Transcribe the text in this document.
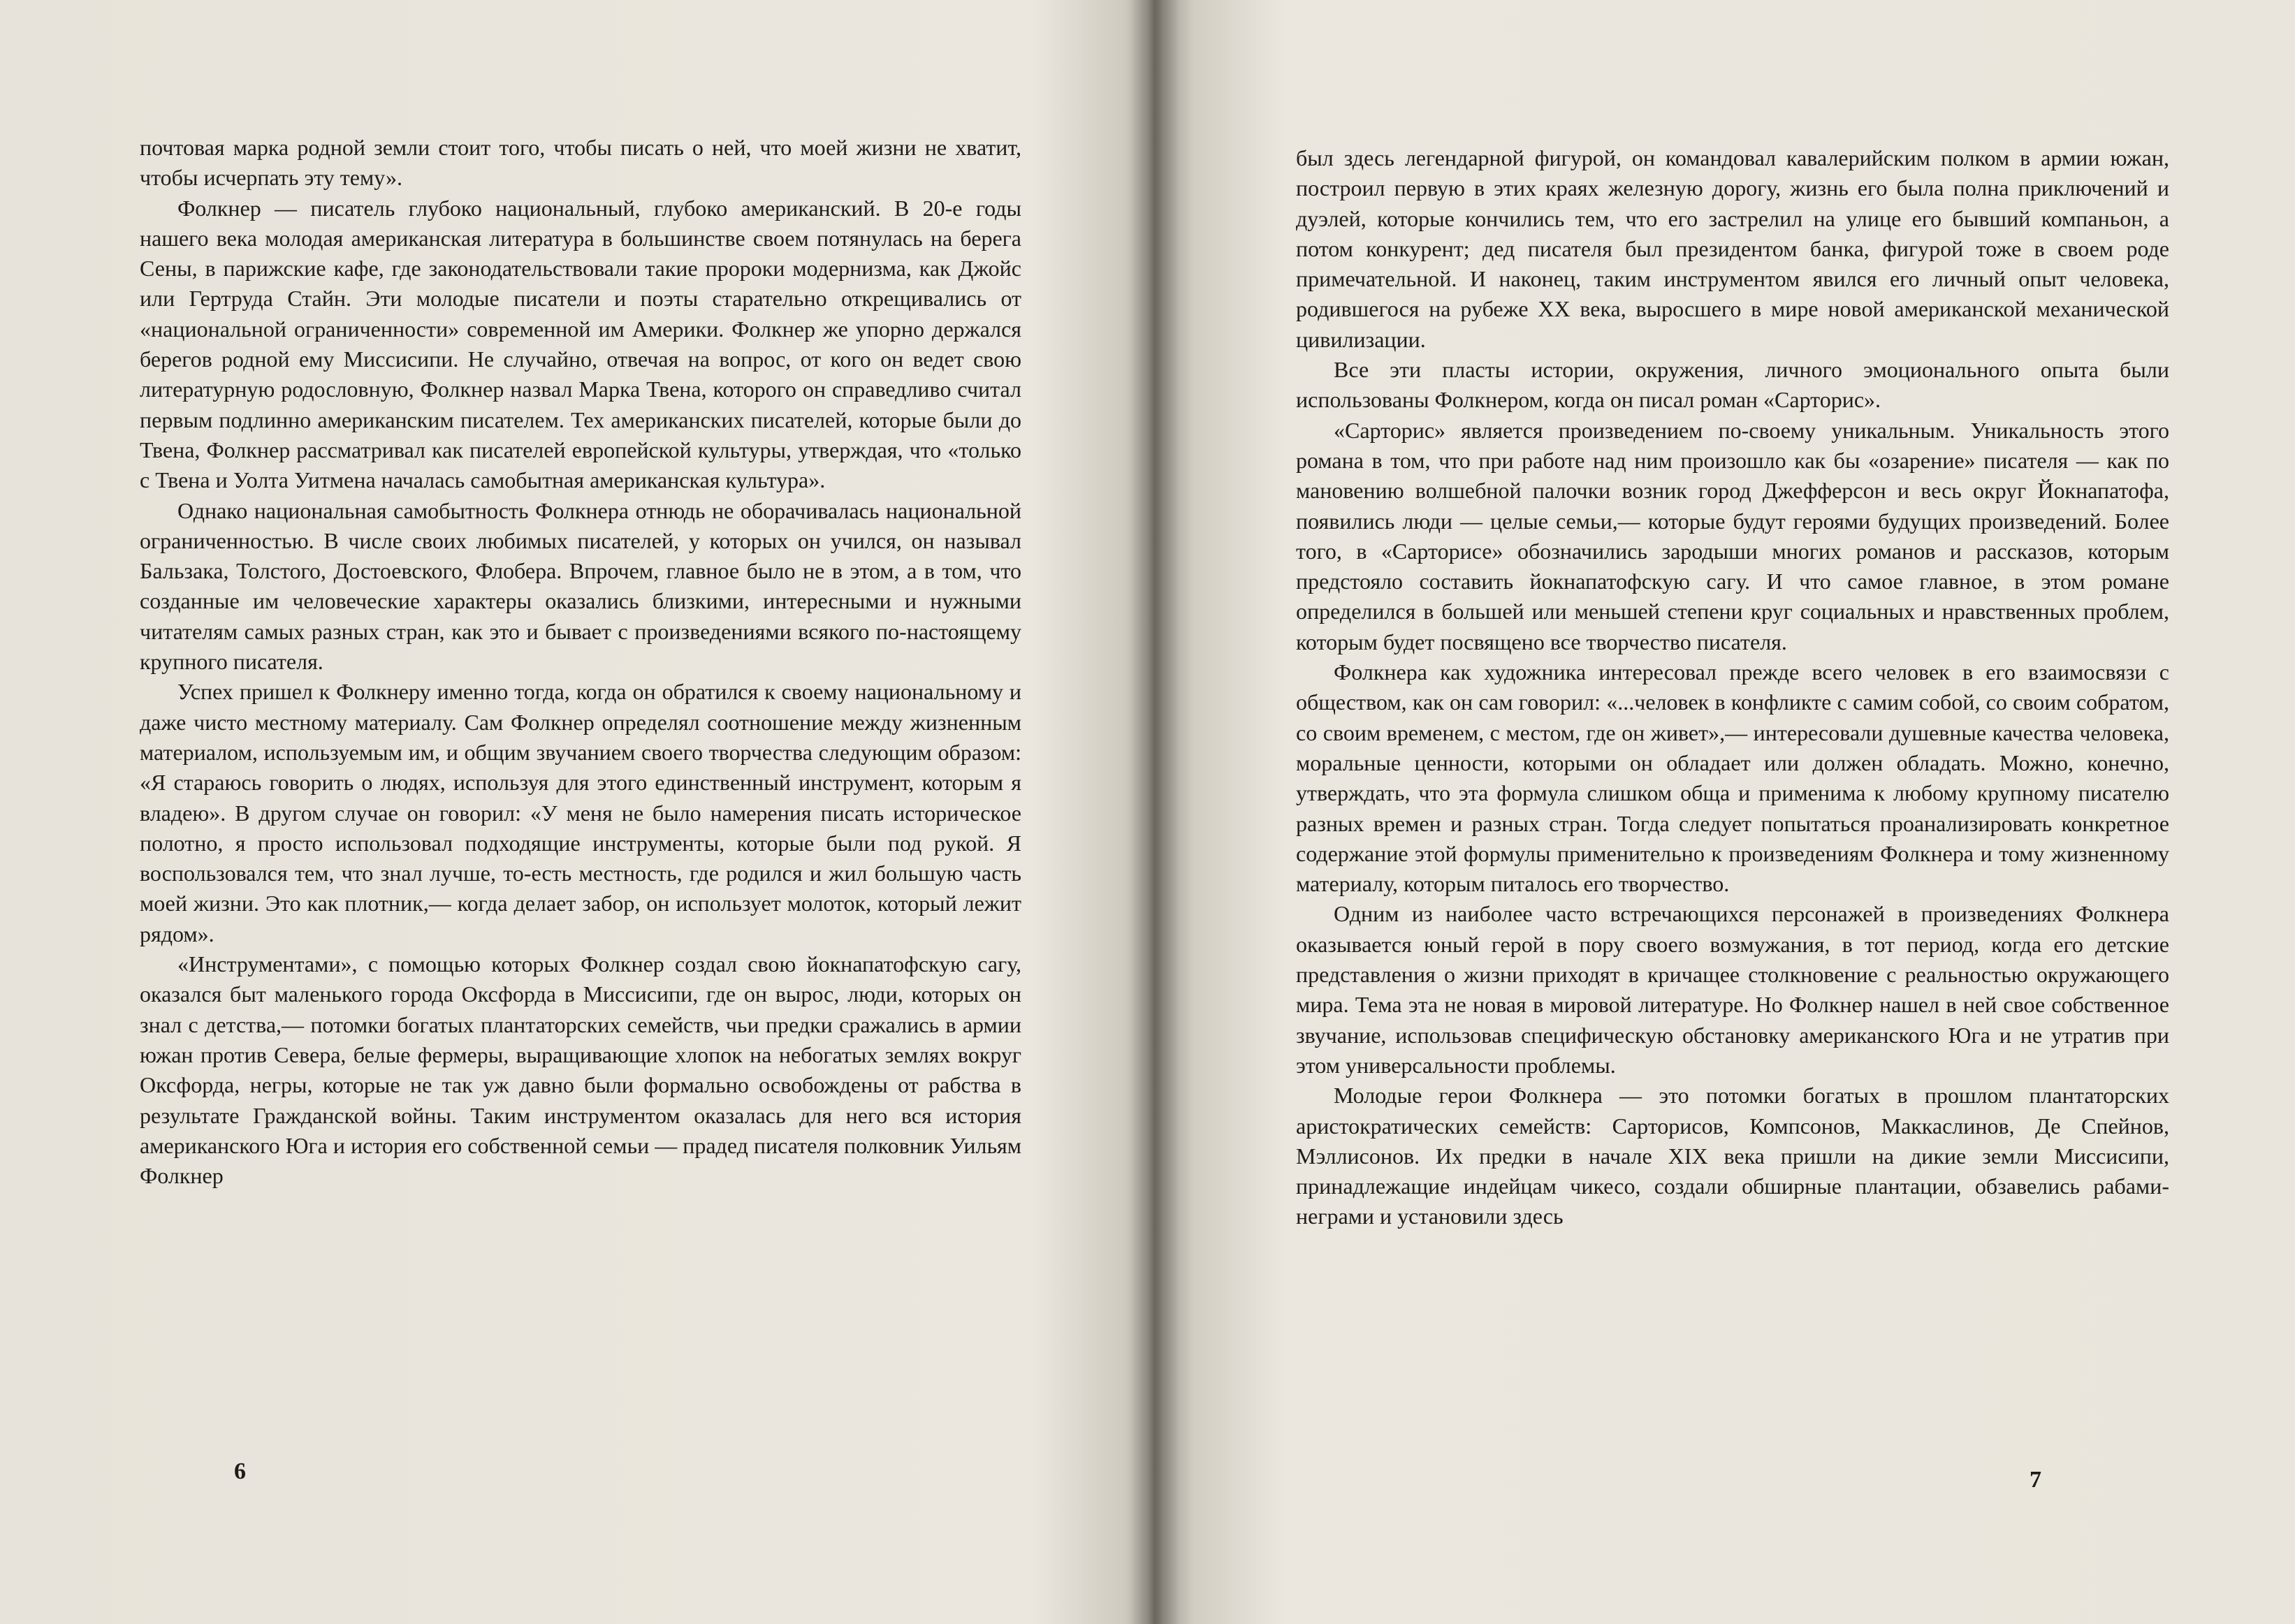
почтовая марка родной земли стоит того, чтобы писать о ней, что моей жизни не хватит, чтобы исчерпать эту тему».

Фолкнер — писатель глубоко национальный, глубоко американский. В 20-е годы нашего века молодая американская литература в большинстве своем потянулась на берега Сены, в парижские кафе, где законодательствовали такие пророки модернизма, как Джойс или Гертруда Стайн. Эти молодые писатели и поэты старательно открещивались от «национальной ограниченности» современной им Америки. Фолкнер же упорно держался берегов родной ему Миссисипи. Не случайно, отвечая на вопрос, от кого он ведет свою литературную родословную, Фолкнер назвал Марка Твена, которого он справедливо считал первым подлинно американским писателем. Тех американских писателей, которые были до Твена, Фолкнер рассматривал как писателей европейской культуры, утверждая, что «только с Твена и Уолта Уитмена началась самобытная американская культура».

Однако национальная самобытность Фолкнера отнюдь не оборачивалась национальной ограниченностью. В числе своих любимых писателей, у которых он учился, он называл Бальзака, Толстого, Достоевского, Флобера. Впрочем, главное было не в этом, а в том, что созданные им человеческие характеры оказались близкими, интересными и нужными читателям самых разных стран, как это и бывает с произведениями всякого по-настоящему крупного писателя.

Успех пришел к Фолкнеру именно тогда, когда он обратился к своему национальному и даже чисто местному материалу. Сам Фолкнер определял соотношение между жизненным материалом, используемым им, и общим звучанием своего творчества следующим образом: «Я стараюсь говорить о людях, используя для этого единственный инструмент, которым я владею». В другом случае он говорил: «У меня не было намерения писать историческое полотно, я просто использовал подходящие инструменты, которые были под рукой. Я воспользовался тем, что знал лучше, то-есть местность, где родился и жил большую часть моей жизни. Это как плотник,— когда делает забор, он использует молоток, который лежит рядом».

«Инструментами», с помощью которых Фолкнер создал свою йокнапатофскую сагу, оказался быт маленького города Оксфорда в Миссисипи, где он вырос, люди, которых он знал с детства,— потомки богатых плантаторских семейств, чьи предки сражались в армии южан против Севера, белые фермеры, выращивающие хлопок на небогатых землях вокруг Оксфорда, негры, которые не так уж давно были формально освобождены от рабства в результате Гражданской войны. Таким инструментом оказалась для него вся история американского Юга и история его собственной семьи — прадед писателя полковник Уильям Фолкнер

6

был здесь легендарной фигурой, он командовал кавалерийским полком в армии южан, построил первую в этих краях железную дорогу, жизнь его была полна приключений и дуэлей, которые кончились тем, что его застрелил на улице его бывший компаньон, а потом конкурент; дед писателя был президентом банка, фигурой тоже в своем роде примечательной. И наконец, таким инструментом явился его личный опыт человека, родившегося на рубеже XX века, выросшего в мире новой американской механической цивилизации.

Все эти пласты истории, окружения, личного эмоционального опыта были использованы Фолкнером, когда он писал роман «Сарторис».

«Сарторис» является произведением по-своему уникальным. Уникальность этого романа в том, что при работе над ним произошло как бы «озарение» писателя — как по мановению волшебной палочки возник город Джефферсон и весь округ Йокнапатофа, появились люди — целые семьи,— которые будут героями будущих произведений. Более того, в «Сарторисе» обозначились зародыши многих романов и рассказов, которым предстояло составить йокнапатофскую сагу. И что самое главное, в этом романе определился в большей или меньшей степени круг социальных и нравственных проблем, которым будет посвящено все творчество писателя.

Фолкнера как художника интересовал прежде всего человек в его взаимосвязи с обществом, как он сам говорил: «...человек в конфликте с самим собой, со своим собратом, со своим временем, с местом, где он живет»,— интересовали душевные качества человека, моральные ценности, которыми он обладает или должен обладать. Можно, конечно, утверждать, что эта формула слишком обща и применима к любому крупному писателю разных времен и разных стран. Тогда следует попытаться проанализировать конкретное содержание этой формулы применительно к произведениям Фолкнера и тому жизненному материалу, которым питалось его творчество.

Одним из наиболее часто встречающихся персонажей в произведениях Фолкнера оказывается юный герой в пору своего возмужания, в тот период, когда его детские представления о жизни приходят в кричащее столкновение с реальностью окружающего мира. Тема эта не новая в мировой литературе. Но Фолкнер нашел в ней свое собственное звучание, использовав специфическую обстановку американского Юга и не утратив при этом универсальности проблемы.

Молодые герои Фолкнера — это потомки богатых в прошлом плантаторских аристократических семейств: Сарторисов, Компсонов, Маккаслинов, Де Спейнов, Мэллисонов. Их предки в начале XIX века пришли на дикие земли Миссисипи, принадлежащие индейцам чикесо, создали обширные плантации, обзавелись рабами-неграми и установили здесь

7
